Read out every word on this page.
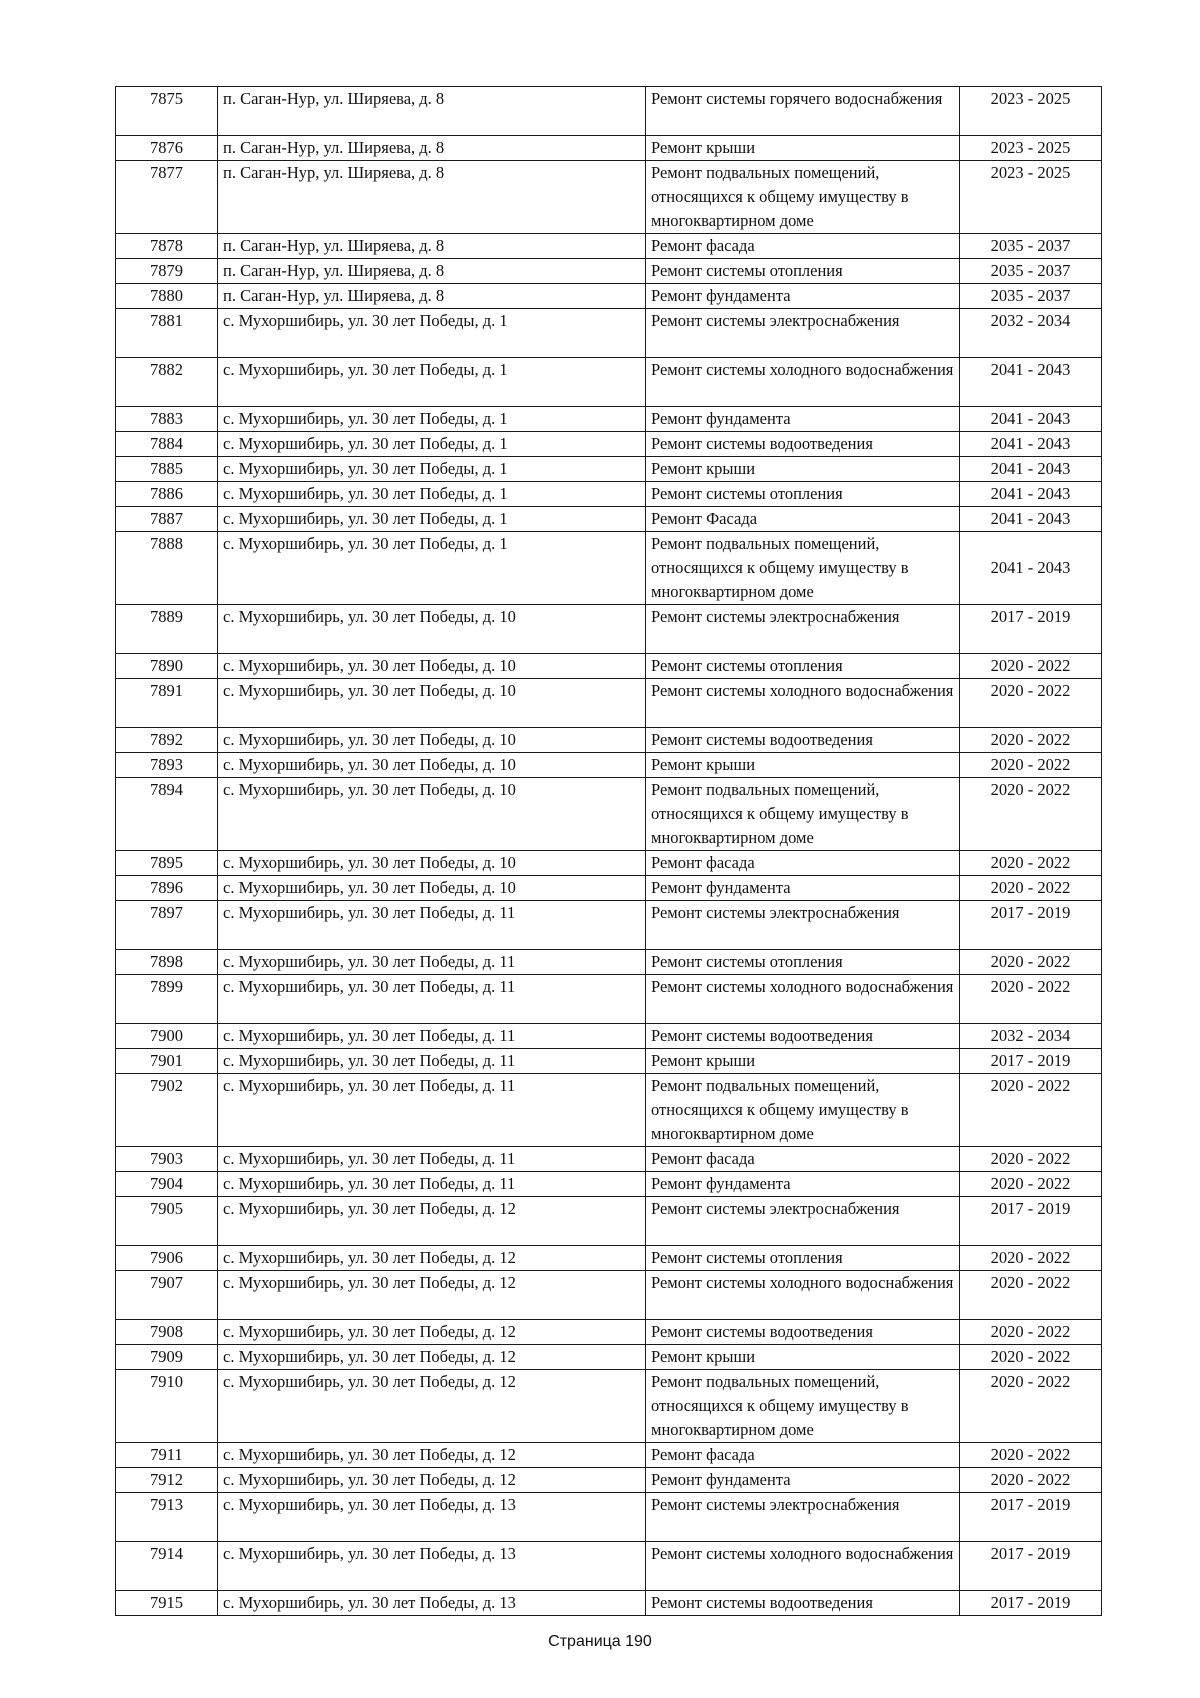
7875	п. Саган-Нур, ул. Ширяева, д. 8	Ремонт системы горячего водоснабжения	2023 - 2025
7876	п. Саган-Нур, ул. Ширяева, д. 8	Ремонт крыши	2023 - 2025
7877	п. Саган-Нур, ул. Ширяева, д. 8	Ремонт подвальных помещений, относящихся к общему имуществу в многоквартирном доме	2023 - 2025
7878	п. Саган-Нур, ул. Ширяева, д. 8	Ремонт фасада	2035 - 2037
7879	п. Саган-Нур, ул. Ширяева, д. 8	Ремонт системы отопления	2035 - 2037
7880	п. Саган-Нур, ул. Ширяева, д. 8	Ремонт фундамента	2035 - 2037
7881	с. Мухоршибирь, ул. 30 лет Победы, д. 1	Ремонт системы электроснабжения	2032 - 2034
7882	с. Мухоршибирь, ул. 30 лет Победы, д. 1	Ремонт системы холодного водоснабжения	2041 - 2043
7883	с. Мухоршибирь, ул. 30 лет Победы, д. 1	Ремонт фундамента	2041 - 2043
7884	с. Мухоршибирь, ул. 30 лет Победы, д. 1	Ремонт системы водоотведения	2041 - 2043
7885	с. Мухоршибирь, ул. 30 лет Победы, д. 1	Ремонт крыши	2041 - 2043
7886	с. Мухоршибирь, ул. 30 лет Победы, д. 1	Ремонт системы отопления	2041 - 2043
7887	с. Мухоршибирь, ул. 30 лет Победы, д. 1	Ремонт Фасада	2041 - 2043
7888	с. Мухоршибирь, ул. 30 лет Победы, д. 1	Ремонт подвальных помещений, относящихся к общему имуществу в многоквартирном доме	2041 - 2043
7889	с. Мухоршибирь, ул. 30 лет Победы, д. 10	Ремонт системы электроснабжения	2017 - 2019
7890	с. Мухоршибирь, ул. 30 лет Победы, д. 10	Ремонт системы отопления	2020 - 2022
7891	с. Мухоршибирь, ул. 30 лет Победы, д. 10	Ремонт системы холодного водоснабжения	2020 - 2022
7892	с. Мухоршибирь, ул. 30 лет Победы, д. 10	Ремонт системы водоотведения	2020 - 2022
7893	с. Мухоршибирь, ул. 30 лет Победы, д. 10	Ремонт крыши	2020 - 2022
7894	с. Мухоршибирь, ул. 30 лет Победы, д. 10	Ремонт подвальных помещений, относящихся к общему имуществу в многоквартирном доме	2020 - 2022
7895	с. Мухоршибирь, ул. 30 лет Победы, д. 10	Ремонт фасада	2020 - 2022
7896	с. Мухоршибирь, ул. 30 лет Победы, д. 10	Ремонт фундамента	2020 - 2022
7897	с. Мухоршибирь, ул. 30 лет Победы, д. 11	Ремонт системы электроснабжения	2017 - 2019
7898	с. Мухоршибирь, ул. 30 лет Победы, д. 11	Ремонт системы отопления	2020 - 2022
7899	с. Мухоршибирь, ул. 30 лет Победы, д. 11	Ремонт системы холодного водоснабжения	2020 - 2022
7900	с. Мухоршибирь, ул. 30 лет Победы, д. 11	Ремонт системы водоотведения	2032 - 2034
7901	с. Мухоршибирь, ул. 30 лет Победы, д. 11	Ремонт крыши	2017 - 2019
7902	с. Мухоршибирь, ул. 30 лет Победы, д. 11	Ремонт подвальных помещений, относящихся к общему имуществу в многоквартирном доме	2020 - 2022
7903	с. Мухоршибирь, ул. 30 лет Победы, д. 11	Ремонт фасада	2020 - 2022
7904	с. Мухоршибирь, ул. 30 лет Победы, д. 11	Ремонт фундамента	2020 - 2022
7905	с. Мухоршибирь, ул. 30 лет Победы, д. 12	Ремонт системы электроснабжения	2017 - 2019
7906	с. Мухоршибирь, ул. 30 лет Победы, д. 12	Ремонт системы отопления	2020 - 2022
7907	с. Мухоршибирь, ул. 30 лет Победы, д. 12	Ремонт системы холодного водоснабжения	2020 - 2022
7908	с. Мухоршибирь, ул. 30 лет Победы, д. 12	Ремонт системы водоотведения	2020 - 2022
7909	с. Мухоршибирь, ул. 30 лет Победы, д. 12	Ремонт крыши	2020 - 2022
7910	с. Мухоршибирь, ул. 30 лет Победы, д. 12	Ремонт подвальных помещений, относящихся к общему имуществу в многоквартирном доме	2020 - 2022
7911	с. Мухоршибирь, ул. 30 лет Победы, д. 12	Ремонт фасада	2020 - 2022
7912	с. Мухоршибирь, ул. 30 лет Победы, д. 12	Ремонт фундамента	2020 - 2022
7913	с. Мухоршибирь, ул. 30 лет Победы, д. 13	Ремонт системы электроснабжения	2017 - 2019
7914	с. Мухоршибирь, ул. 30 лет Победы, д. 13	Ремонт системы холодного водоснабжения	2017 - 2019
7915	с. Мухоршибирь, ул. 30 лет Победы, д. 13	Ремонт системы водоотведения	2017 - 2019
Страница 190
